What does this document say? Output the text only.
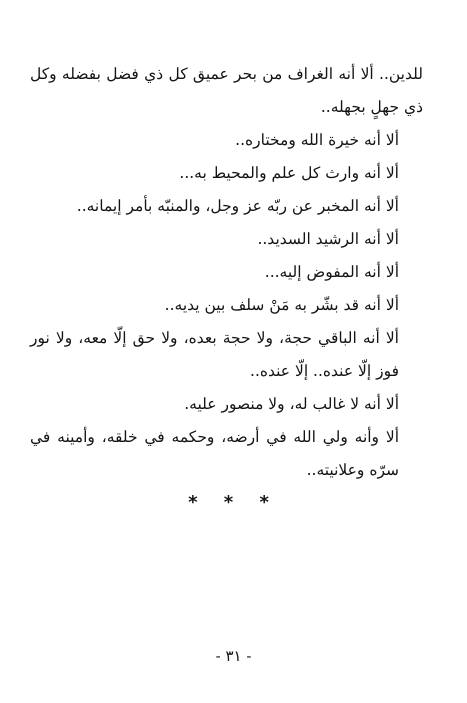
للدين.. ألا أنه الغراف من بحر عميق كل ذي فضل بفضله وكل ذي جهلٍ بجهله..

ألا أنه خيرة الله ومختاره..

ألا أنه وارث كل علم والمحيط به...

ألا أنه المخبر عن ربّه عز وجل، والمنبّه بأمر إيمانه..

ألا أنه الرشيد السديد..

ألا أنه المفوض إليه...

ألا أنه قد بشّر به مَنْ سلف بين يديه..

ألا أنه الباقي حجة، ولا حجة بعده، ولا حق إلّا معه، ولا نور فوز إلّا عنده.. إلّا عنده..

ألا أنه لا غالب له، ولا منصور عليه.

ألا وأنه ولي الله في أرضه، وحكمه في خلقه، وأمينه في سرّه وعلانيته..

* * *
- ٣١ -
